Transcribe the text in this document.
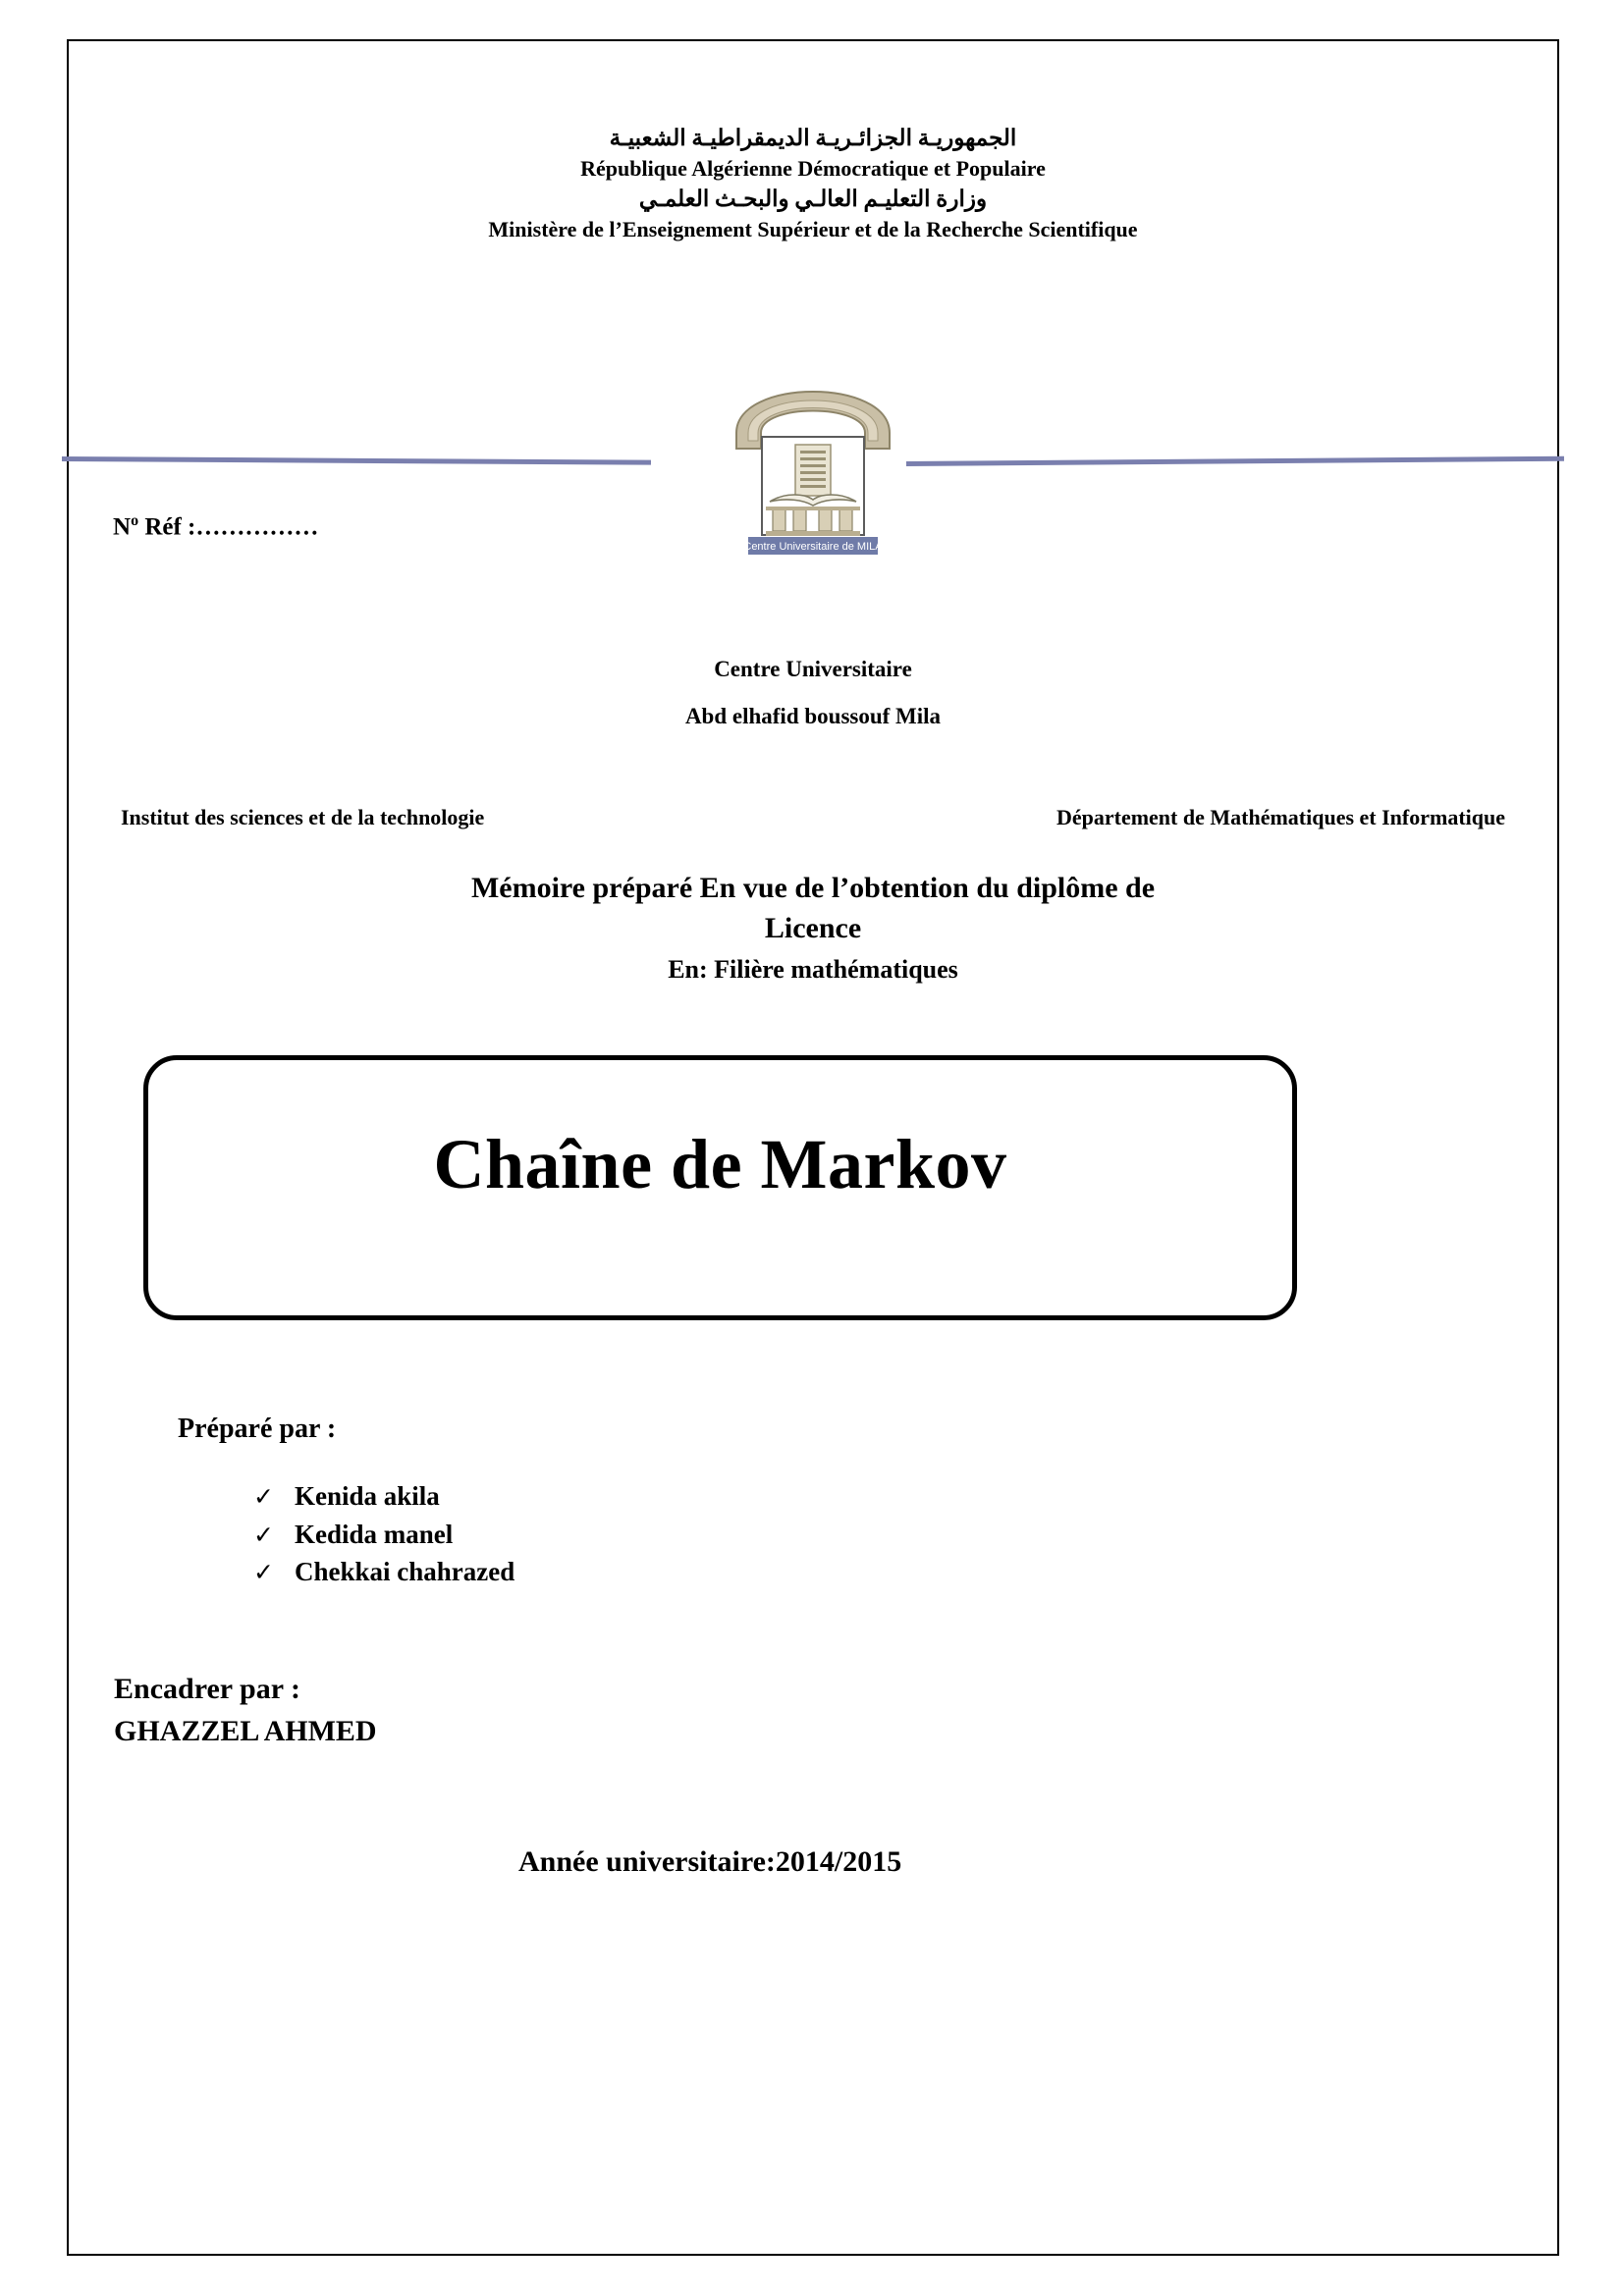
الجمهوريـة الجزائـريـة الديمقراطيـة الشعبيـة
République Algérienne Démocratique et Populaire
وزارة التعليـم العالـي والبحـث العلمـي
Ministère de l’Enseignement Supérieur et de la Recherche Scientifique
Centre Universitaire de MILA
$N^o$ Réf :……………
Centre Universitaire
Abd elhafid boussouf Mila
Institut des sciences et de la technologie	Département de Mathématiques et Informatique
Mémoire préparé En vue de l’obtention du diplôme de
Licence
En: Filière mathématiques
Chaîne de Markov
Préparé par :
✓ Kenida akila
✓ Kedida manel
✓ Chekkai chahrazed
Encadrer par :
GHAZZEL AHMED
Année universitaire:2014/2015
